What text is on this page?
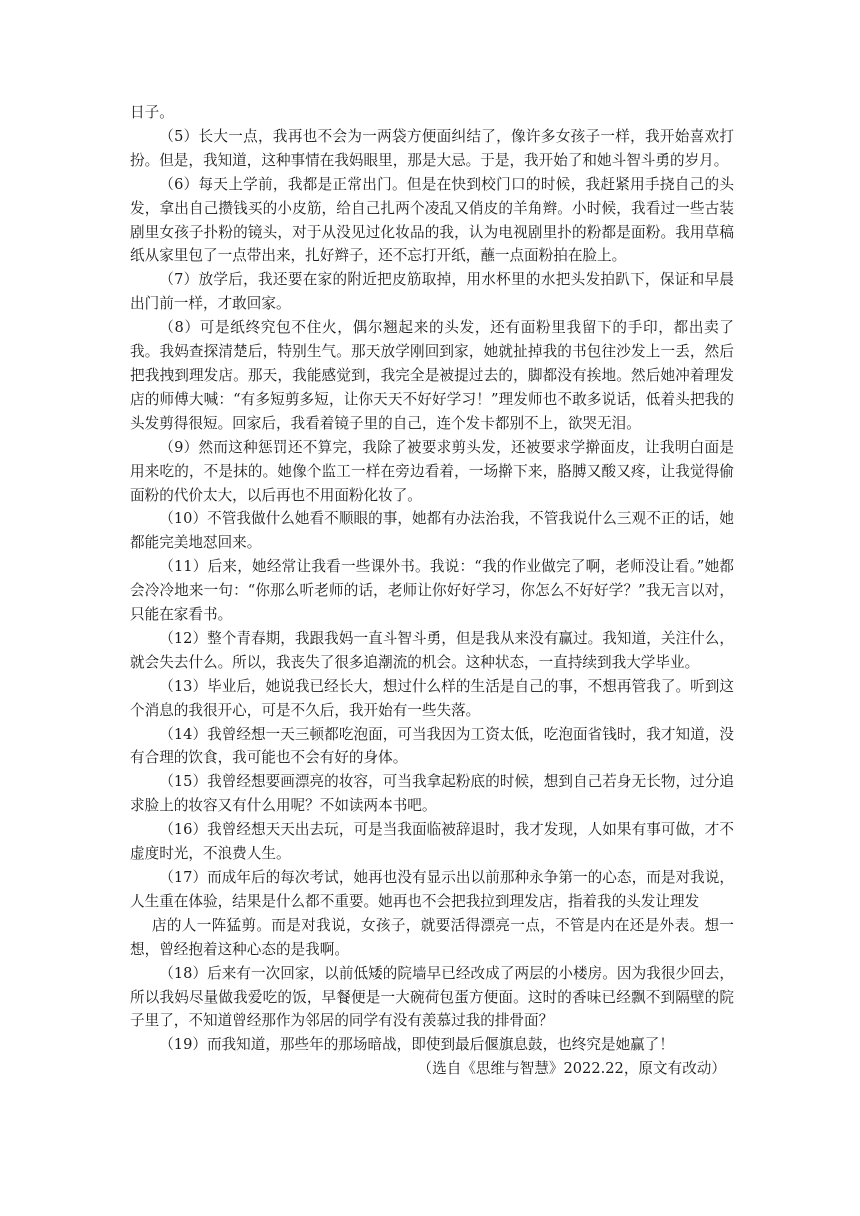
日子。

（5）长大一点，我再也不会为一两袋方便面纠结了，像许多女孩子一样，我开始喜欢打扮。但是，我知道，这种事情在我妈眼里，那是大忌。于是，我开始了和她斗智斗勇的岁月。

（6）每天上学前，我都是正常出门。但是在快到校门口的时候，我赶紧用手挠自己的头发，拿出自己攒钱买的小皮筋，给自己扎两个凌乱又俏皮的羊角辫。小时候，我看过一些古装剧里女孩子扑粉的镜头，对于从没见过化妆品的我，认为电视剧里扑的粉都是面粉。我用草稿纸从家里包了一点带出来，扎好辫子，还不忘打开纸，蘸一点面粉拍在脸上。

（7）放学后，我还要在家的附近把皮筋取掉，用水杯里的水把头发拍趴下，保证和早晨出门前一样，才敢回家。

（8）可是纸终究包不住火，偶尔翘起来的头发，还有面粉里我留下的手印，都出卖了我。我妈查探清楚后，特别生气。那天放学刚回到家，她就扯掉我的书包往沙发上一丢，然后把我拽到理发店。那天，我能感觉到，我完全是被提过去的，脚都没有挨地。然后她冲着理发店的师傅大喊：“有多短剪多短，让你天天不好好学习！”理发师也不敢多说话，低着头把我的头发剪得很短。回家后，我看着镜子里的自己，连个发卡都别不上，欲哭无泪。

（9）然而这种惩罚还不算完，我除了被要求剪头发，还被要求学擀面皮，让我明白面是用来吃的，不是抹的。她像个监工一样在旁边看着，一场擀下来，胳膊又酸又疼，让我觉得偷面粉的代价太大，以后再也不用面粉化妆了。

（10）不管我做什么她看不顺眼的事，她都有办法治我，不管我说什么三观不正的话，她都能完美地怼回来。

（11）后来，她经常让我看一些课外书。我说：“我的作业做完了啊，老师没让看。”她都会冷冷地来一句：“你那么听老师的话，老师让你好好学习，你怎么不好好学？”我无言以对，只能在家看书。

（12）整个青春期，我跟我妈一直斗智斗勇，但是我从来没有赢过。我知道，关注什么，就会失去什么。所以，我丧失了很多追潮流的机会。这种状态，一直持续到我大学毕业。

（13）毕业后，她说我已经长大，想过什么样的生活是自己的事，不想再管我了。听到这个消息的我很开心，可是不久后，我开始有一些失落。

（14）我曾经想一天三顿都吃泡面，可当我因为工资太低，吃泡面省钱时，我才知道，没有合理的饮食，我可能也不会有好的身体。

（15）我曾经想要画漂亮的妆容，可当我拿起粉底的时候，想到自己若身无长物，过分追求脸上的妆容又有什么用呢？不如读两本书吧。

（16）我曾经想天天出去玩，可是当我面临被辞退时，我才发现，人如果有事可做，才不虚度时光，不浪费人生。

（17）而成年后的每次考试，她再也没有显示出以前那种永争第一的心态，而是对我说，人生重在体验，结果是什么都不重要。她再也不会把我拉到理发店，指着我的头发让理发

店的人一阵猛剪。而是对我说，女孩子，就要活得漂亮一点，不管是内在还是外表。想一想，曾经抱着这种心态的是我啊。

（18）后来有一次回家，以前低矮的院墙早已经改成了两层的小楼房。因为我很少回去，所以我妈尽量做我爱吃的饭，早餐便是一大碗荷包蛋方便面。这时的香味已经飘不到隔壁的院子里了，不知道曾经那作为邻居的同学有没有羡慕过我的排骨面？

（19）而我知道，那些年的那场暗战，即使到最后偃旗息鼓，也终究是她赢了！

（选自《思维与智慧》2022.22，原文有改动）
